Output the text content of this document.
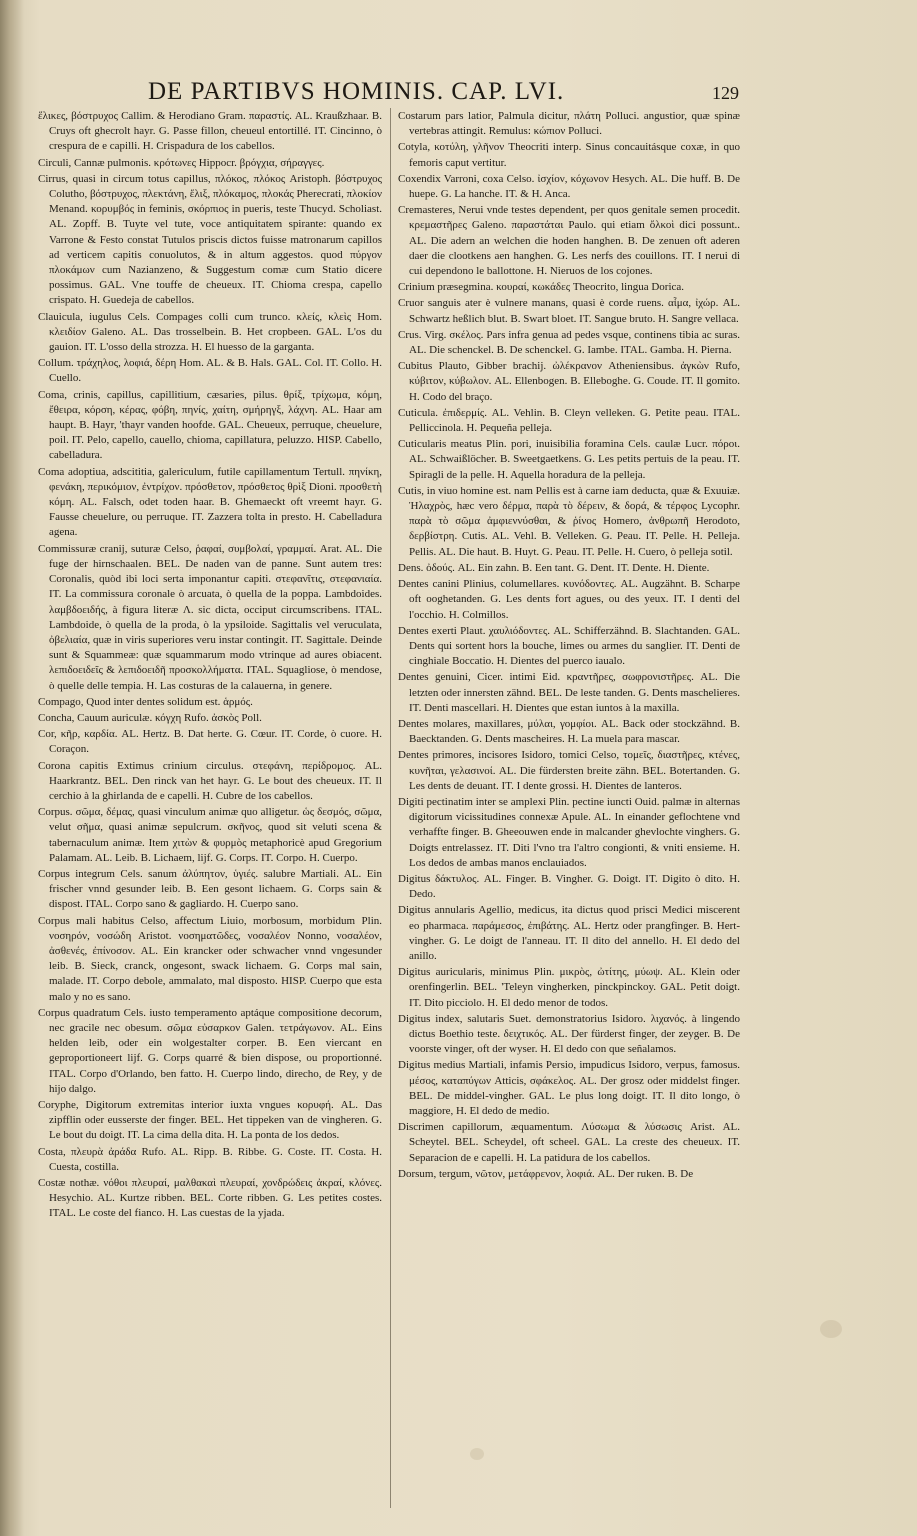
DE PARTIBVS HOMINIS. CAP. LVI.	129

ἕλικες, βόστρυχος Callim. & Herodiano Gram. παραστίς. AL. Kraußzhaar. B. Cruys oft ghecrolt hayr. G. Passe fillon, cheueul entortillé. IT. Cincinno, ò crespura de e capilli. H. Crispadura de los cabellos.

Circuli, Cannæ pulmonis. κρότωνες Hippocr. βρόγχια, σήραγγες.

Cirrus, quasi in circum totus capillus, πλόκος, πλόκος Aristoph. βόστρυχος Coluthο, βόστρυχος, πλεκτάνη, ἕλιξ, πλόκαμος, πλοκάς Pherecrati, πλοκίον Menand. κορυμβός in feminis, σκόρπιος in pueris, teste Thucyd. Scholiast. AL. Zopff. B. Tuyte vel tute, voce antiquitatem spirante: quando ex Varrone & Festo constat Tutulos priscis dictos fuisse matronarum capillos ad verticem capitis conuolutos, & in altum aggestos. quod πύργον πλοκάμων cum Nazianzeno, & Suggestum comæ cum Statio dicere possimus. GAL. Vne touffe de cheueux. IT. Chioma crespa, capello crispato. H. Guedeja de cabellos.

Clauicula, iugulus Cels. Compages colli cum trunco. κλείς, κλεὶς Hom. κλειδίον Galeno. AL. Das trosselbein. B. Het cropbeen. GAL. L'os du gauion. IT. L'osso della strozza. H. El huesso de la garganta.

Collum. τράχηλος, λοφιά, δέρη Hom. AL. & B. Hals. GAL. Col. IT. Collo. H. Cuello.

Coma, crinis, capillus, capillitium, cæsaries, pilus. θρίξ, τρίχωμα, κόμη, ἔθειρα, κόρση, κέρας, φόβη, πηνίς, χαίτη, σμήρηγξ, λάχνη. AL. Haar am haupt. B. Hayr, 'thayr vanden hoofde. GAL. Cheueux, perruque, cheuelure, poil. IT. Pelo, capello, cauello, chioma, capillatura, peluzzo. HISP. Cabello, cabelladura.

Coma adoptiua, adscititia, galericulum, futile capillamentum Tertull. πηνίκη, φενάκη, περικόμιον, ἐντρίχον. πρόσθετον, πρόσθετος θρὶξ Dioni. προσθετὴ κόμη. AL. Falsch, odet toden haar. B. Ghemaeckt oft vreemt hayr. G. Fausse cheuelure, ou perruque. IT. Zazzera tolta in presto. H. Cabelladura agena.

Commissuræ cranij, suturæ Celso, ῥαφαί, συμβολαί, γραμμαί. Arat. AL. Die fuge der hirnschaalen. BEL. De naden van de panne. Sunt autem tres: Coronalis, quòd ibi loci serta imponantur capiti. στεφανῖτις, στεφανιαία. IT. La commissura coronale ò arcuata, ò quella de la poppa. Lambdoides. λαμβδοειδής, à figura literæ Λ. sic dicta, occiput circumscribens. ITAL. Lambdoide, ò quella de la proda, ò la ypsiloide. Sagittalis vel veruculata, ὀβελιαία, quæ in viris superiores veru instar contingit. IT. Sagittale. Deinde sunt & Squammeæ: quæ squammarum modo vtrinque ad aures obiacent. λεπιδοειδεῖς & λεπιδοειδῆ προσκολλήματα. ITAL. Squagliose, ò mendose, ò quelle delle tempia. H. Las costuras de la calauerna, in genere.

Compago, Quod inter dentes solidum est. ἁρμός.

Concha, Cauum auriculæ. κόγχη Rufo. ἀσκὸς Poll.

Cor, κῆρ, καρδία. AL. Hertz. B. Dat herte. G. Cœur. IT. Corde, ò cuore. H. Coraçon.

Corona capitis Extimus crinium circulus. στεφάνη, περίδρομος. AL. Haarkrantz. BEL. Den rinck van het hayr. G. Le bout des cheueux. IT. Il cerchio à la ghirlanda de e capelli. H. Cubre de los cabellos.

Corpus. σῶμα, δέμας, quasi vinculum animæ quo alligetur. ὡς δεσμός, σῶμα, velut σῆμα, quasi animæ sepulcrum. σκῆνος, quod sit veluti scena & tabernaculum animæ. Item χιτὼν & φυρμὸς metaphoricè apud Gregorium Palamam. AL. Leib. B. Lichaem, lijf. G. Corps. IT. Corpo. H. Cuerpo.

Corpus integrum Cels. sanum ἀλύπητον, ὑγιές. salubre Martiali. AL. Ein frischer vnnd gesunder leib. B. Een gesont lichaem. G. Corps sain & dispost. ITAL. Corpo sano & gagliardo. H. Cuerpo sano.

Corpus mali habitus Celso, affectum Liuio, morbosum, morbidum Plin. νοσηρόν, νοσώδη Aristot. νοσηματῶδες, νοσαλέον Nonno, νοσαλέον, ἀσθενές, ἐπίνοσον. AL. Ein krancker oder schwacher vnnd vngesunder leib. B. Sieck, cranck, ongesont, swack lichaem. G. Corps mal sain, malade. IT. Corpo debole, ammalato, mal disposto. HISP. Cuerpo que esta malo y no es sano.

Corpus quadratum Cels. iusto temperamento aptáque compositione decorum, nec gracile nec obesum. σῶμα εὐσαρκον Galen. τετράγωνον. AL. Eins helden leib, oder ein wolgestalter corper. B. Een viercant en geproportioneert lijf. G. Corps quarré & bien dispose, ou proportionné. ITAL. Corpo d'Orlando, ben fatto. H. Cuerpo lindo, direcho, de Rey, y de hijo dalgo.

Coryphe, Digitorum extremitas interior iuxta vngues κορυφή. AL. Das zipfflin oder eusserste der finger. BEL. Het tippeken van de vingheren. G. Le bout du doigt. IT. La cima della dita. H. La ponta de los dedos.

Costa, πλευρὰ ἀράδα Rufo. AL. Ripp. B. Ribbe. G. Coste. IT. Costa. H. Cuesta, costilla.

Costæ nothæ. νόθοι πλευραί, μαλθακαὶ πλευραί, χονδρώδεις ἀκραί, κλόνες. Hesychio. AL. Kurtze ribben. BEL. Corte ribben. G. Les petites costes. ITAL. Le coste del fianco. H. Las cuestas de la yjada.

Costarum pars latior, Palmula dicitur, πλάτη Polluci. angustior, quæ spinæ vertebras attingit. Remulus: κώπιον Polluci.

Cotyla, κοτύλη, γλῆνον Theocriti interp. Sinus concauitásque coxæ, in quo femoris caput vertitur.

Coxendix Varroni, coxa Celso. ἰσχίον, κόχωνον Hesych. AL. Die huff. B. De huepe. G. La hanche. IT. & H. Anca.

Cremasteres, Nerui vnde testes dependent, per quos genitale semen procedit. κρεμαστῆρες Galeno. παραστάται Paulo. qui etiam ὄλκοὶ dici possunt.. AL. Die adern an welchen die hoden hanghen. B. De zenuen oft aderen daer die clootkens aen hanghen. G. Les nerfs des couillons. IT. I nerui di cui dependono le ballottone. H. Nieruos de los cojones.

Crinium præsegmina. κουραί, κωκάδες Theocrito, lingua Dorica.

Cruor sanguis ater è vulnere manans, quasi è corde ruens. αἷμα, ἰχώρ. AL. Schwartz heßlich blut. B. Swart bloet. IT. Sangue bruto. H. Sangre vellaca.

Crus. Virg. σκέλος. Pars infra genua ad pedes vsque, continens tibia ac suras. AL. Die schenckel. B. De schenckel. G. Iambe. ITAL. Gamba. H. Pierna.

Cubitus Plauto, Gibber brachij. ὠλέκρανον Atheniensibus. ἀγκὼν Rufo, κύβιτον, κύβωλον. AL. Ellenbogen. B. Elleboghe. G. Coude. IT. Il gomito. H. Codo del braço.

Cuticula. ἐπιδερμίς. AL. Vehlin. B. Cleyn velleken. G. Petite peau. ITAL. Pelliccinola. H. Pequeña pelleja.

Cuticularis meatus Plin. pori, inuisibilia foramina Cels. caulæ Lucr. πόροι. AL. Schwaißlöcher. B. Sweetgaetkens. G. Les petits pertuis de la peau. IT. Spiragli de la pelle. H. Aquella horadura de la pelleja.

Cutis, in viuo homine est. nam Pellis est à carne iam deducta, quæ & Exuuiæ. Ἠλαχρὸς, hæc vero δέρμα, παρὰ τὸ δέρειν, & δορά, & τέρφος Lycophr. παρὰ τὸ σῶμα ἀμφιεννύσθαι, & ῥίνος Homero, ἀνθρωπῆ Herodoto, δερβίστρη. Cutis. AL. Vehl. B. Velleken. G. Peau. IT. Pelle. H. Pelleja. Pellis. AL. Die haut. B. Huyt. G. Peau. IT. Pelle. H. Cuero, ò pelleja sotil.

Dens. ὀδούς. AL. Ein zahn. B. Een tant. G. Dent. IT. Dente. H. Diente.

Dentes canini Plinius, columellares. κυνόδοντες. AL. Augzähnt. B. Scharpe oft ooghetanden. G. Les dents fort agues, ou des yeux. IT. I denti del l'occhio. H. Colmillos.

Dentes exerti Plaut. χαυλιόδοντες. AL. Schifferzähnd. B. Slachtanden. GAL. Dents qui sortent hors la bouche, limes ou armes du sanglier. IT. Denti de cinghiale Boccatio. H. Dientes del puerco iaualo.

Dentes genuini, Cicer. intimi Eid. κραντῆρες, σωφρονιστῆρες. AL. Die letzten oder innersten zähnd. BEL. De leste tanden. G. Dents maschelieres. IT. Denti mascellari. H. Dientes que estan iuntos à la maxilla.

Dentes molares, maxillares, μύλαι, γομφίοι. AL. Back oder stockzähnd. B. Baecktanden. G. Dents mascheires. H. La muela para mascar.

Dentes primores, incisores Isidoro, tomici Celso, τομεῖς, διαστῆρες, κτένες, κυνῆται, γελασινοί. AL. Die fürdersten breite zähn. BEL. Botertanden. G. Les dents de deuant. IT. I dente grossi. H. Dientes de lanteros.

Digiti pectinatim inter se amplexi Plin. pectine iuncti Ouid. palmæ in alternas digitorum vicissitudines connexæ Apule. AL. In einander geflochtene vnd verhaffte finger. B. Gheeouwen ende in malcander ghevlochte vinghers. G. Doigts entrelassez. IT. Diti l'vno tra l'altro congionti, & vniti ensieme. H. Los dedos de ambas manos enclauiados.

Digitus δάκτυλος. AL. Finger. B. Vingher. G. Doigt. IT. Digito ò dito. H. Dedo.

Digitus annularis Agellio, medicus, ita dictus quod prisci Medici miscerent eo pharmaca. παράμεσος, ἐπιβάτης. AL. Hertz oder prangfinger. B. Hert-vingher. G. Le doigt de l'anneau. IT. Il dito del annello. H. El dedo del anillo.

Digitus auricularis, minimus Plin. μικρὸς, ὠτίτης, μύωψ. AL. Klein oder orenfingerlin. BEL. 'Teleyn vingherken, pinckpinckoy. GAL. Petit doigt. IT. Dito picciolo. H. El dedo menor de todos.

Digitus index, salutaris Suet. demonstratorius Isidoro. λιχανός. à lingendo dictus Boethio teste. δειχτικός. AL. Der fürderst finger, der zeyger. B. De voorste vinger, oft der wyser. H. El dedo con que señalamos.

Digitus medius Martiali, infamis Persio, impudicus Isidoro, verpus, famosus. μέσος, καταπύγων Atticis, σφάκελος. AL. Der grosz oder middelst finger. BEL. De middel-vingher. GAL. Le plus long doigt. IT. Il dito longo, ò maggiore, H. El dedo de medio.

Discrimen capillorum, æquamentum. Λύσωμα & λύσωσις Arist. AL. Scheytel. BEL. Scheydel, oft scheel. GAL. La creste des cheueux. IT. Separacion de e capelli. H. La patidura de los cabellos.

Dorsum, tergum, νῶτον, μετάφρενον, λοφιά. AL. Der ruken. B. De
